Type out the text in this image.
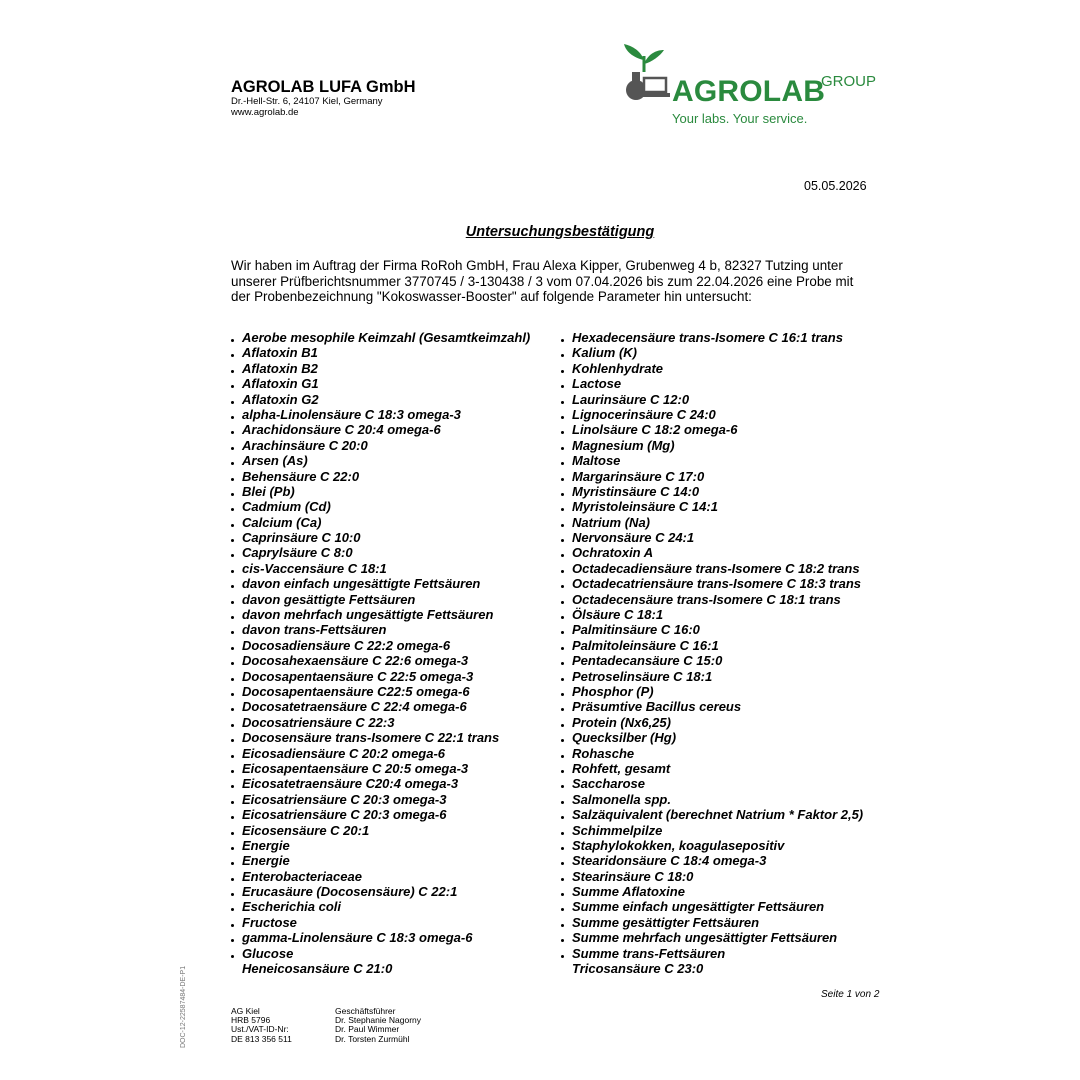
AGROLAB LUFA GmbH
Dr.-Hell-Str. 6, 24107 Kiel, Germany
www.agrolab.de
AGROLAB
GROUP
Your labs. Your service.
05.05.2026
Untersuchungsbestätigung

Wir haben im Auftrag der Firma RoRoh GmbH, Frau Alexa Kipper, Grubenweg 4 b, 82327 Tutzing unter

unserer Prüfberichtsnummer 3770745 / 3-130438 / 3 vom 07.04.2026 bis zum 22.04.2026 eine Probe mit

der Probenbezeichnung "Kokoswasser-Booster" auf folgende Parameter hin untersucht:

Aerobe mesophile Keimzahl (Gesamtkeimzahl)
Aflatoxin B1
Aflatoxin B2
Aflatoxin G1
Aflatoxin G2
alpha-Linolensäure C 18:3 omega-3
Arachidonsäure C 20:4 omega-6
Arachinsäure C 20:0
Arsen (As)
Behensäure C 22:0
Blei (Pb)
Cadmium (Cd)
Calcium (Ca)
Caprinsäure C 10:0
Caprylsäure C 8:0
cis-Vaccensäure C 18:1
davon einfach ungesättigte Fettsäuren
davon gesättigte Fettsäuren
davon mehrfach ungesättigte Fettsäuren
davon trans-Fettsäuren
Docosadiensäure C 22:2 omega-6
Docosahexaensäure C 22:6 omega-3
Docosapentaensäure C 22:5 omega-3
Docosapentaensäure C22:5 omega-6
Docosatetraensäure C 22:4 omega-6
Docosatriensäure C 22:3
Docosensäure trans-Isomere C 22:1 trans
Eicosadiensäure C 20:2 omega-6
Eicosapentaensäure C 20:5 omega-3
Eicosatetraensäure C20:4 omega-3
Eicosatriensäure C 20:3 omega-3
Eicosatriensäure C 20:3 omega-6
Eicosensäure C 20:1
Energie
Energie
Enterobacteriaceae
Erucasäure (Docosensäure) C 22:1
Escherichia coli
Fructose
gamma-Linolensäure C 18:3 omega-6
Glucose
Heneicosansäure C 21:0
Hexadecensäure trans-Isomere C 16:1 trans
Kalium (K)
Kohlenhydrate
Lactose
Laurinsäure C 12:0
Lignocerinsäure C 24:0
Linolsäure C 18:2 omega-6
Magnesium (Mg)
Maltose
Margarinsäure C 17:0
Myristinsäure C 14:0
Myristoleinsäure C 14:1
Natrium (Na)
Nervonsäure C 24:1
Ochratoxin A
Octadecadiensäure trans-Isomere C 18:2 trans
Octadecatriensäure trans-Isomere C 18:3 trans
Octadecensäure trans-Isomere C 18:1 trans
Ölsäure C 18:1
Palmitinsäure C 16:0
Palmitoleinsäure C 16:1
Pentadecansäure C 15:0
Petroselinsäure C 18:1
Phosphor (P)
Präsumtive Bacillus cereus
Protein (Nx6,25)
Quecksilber (Hg)
Rohasche
Rohfett, gesamt
Saccharose
Salmonella spp.
Salzäquivalent (berechnet Natrium * Faktor 2,5)
Schimmelpilze
Staphylokokken, koagulasepositiv
Stearidonsäure C 18:4 omega-3
Stearinsäure C 18:0
Summe Aflatoxine
Summe einfach ungesättigter Fettsäuren
Summe gesättigter Fettsäuren
Summe mehrfach ungesättigter Fettsäuren
Summe trans-Fettsäuren
Tricosansäure C 23:0
Seite 1 von 2
DOC-12-22587484-DE-P1	AG Kiel
HRB 5796
Ust./VAT-ID-Nr:
DE 813 356 511
Geschäftsführer
Dr. Stephanie Nagorny
Dr. Paul Wimmer
Dr. Torsten Zurmühl
